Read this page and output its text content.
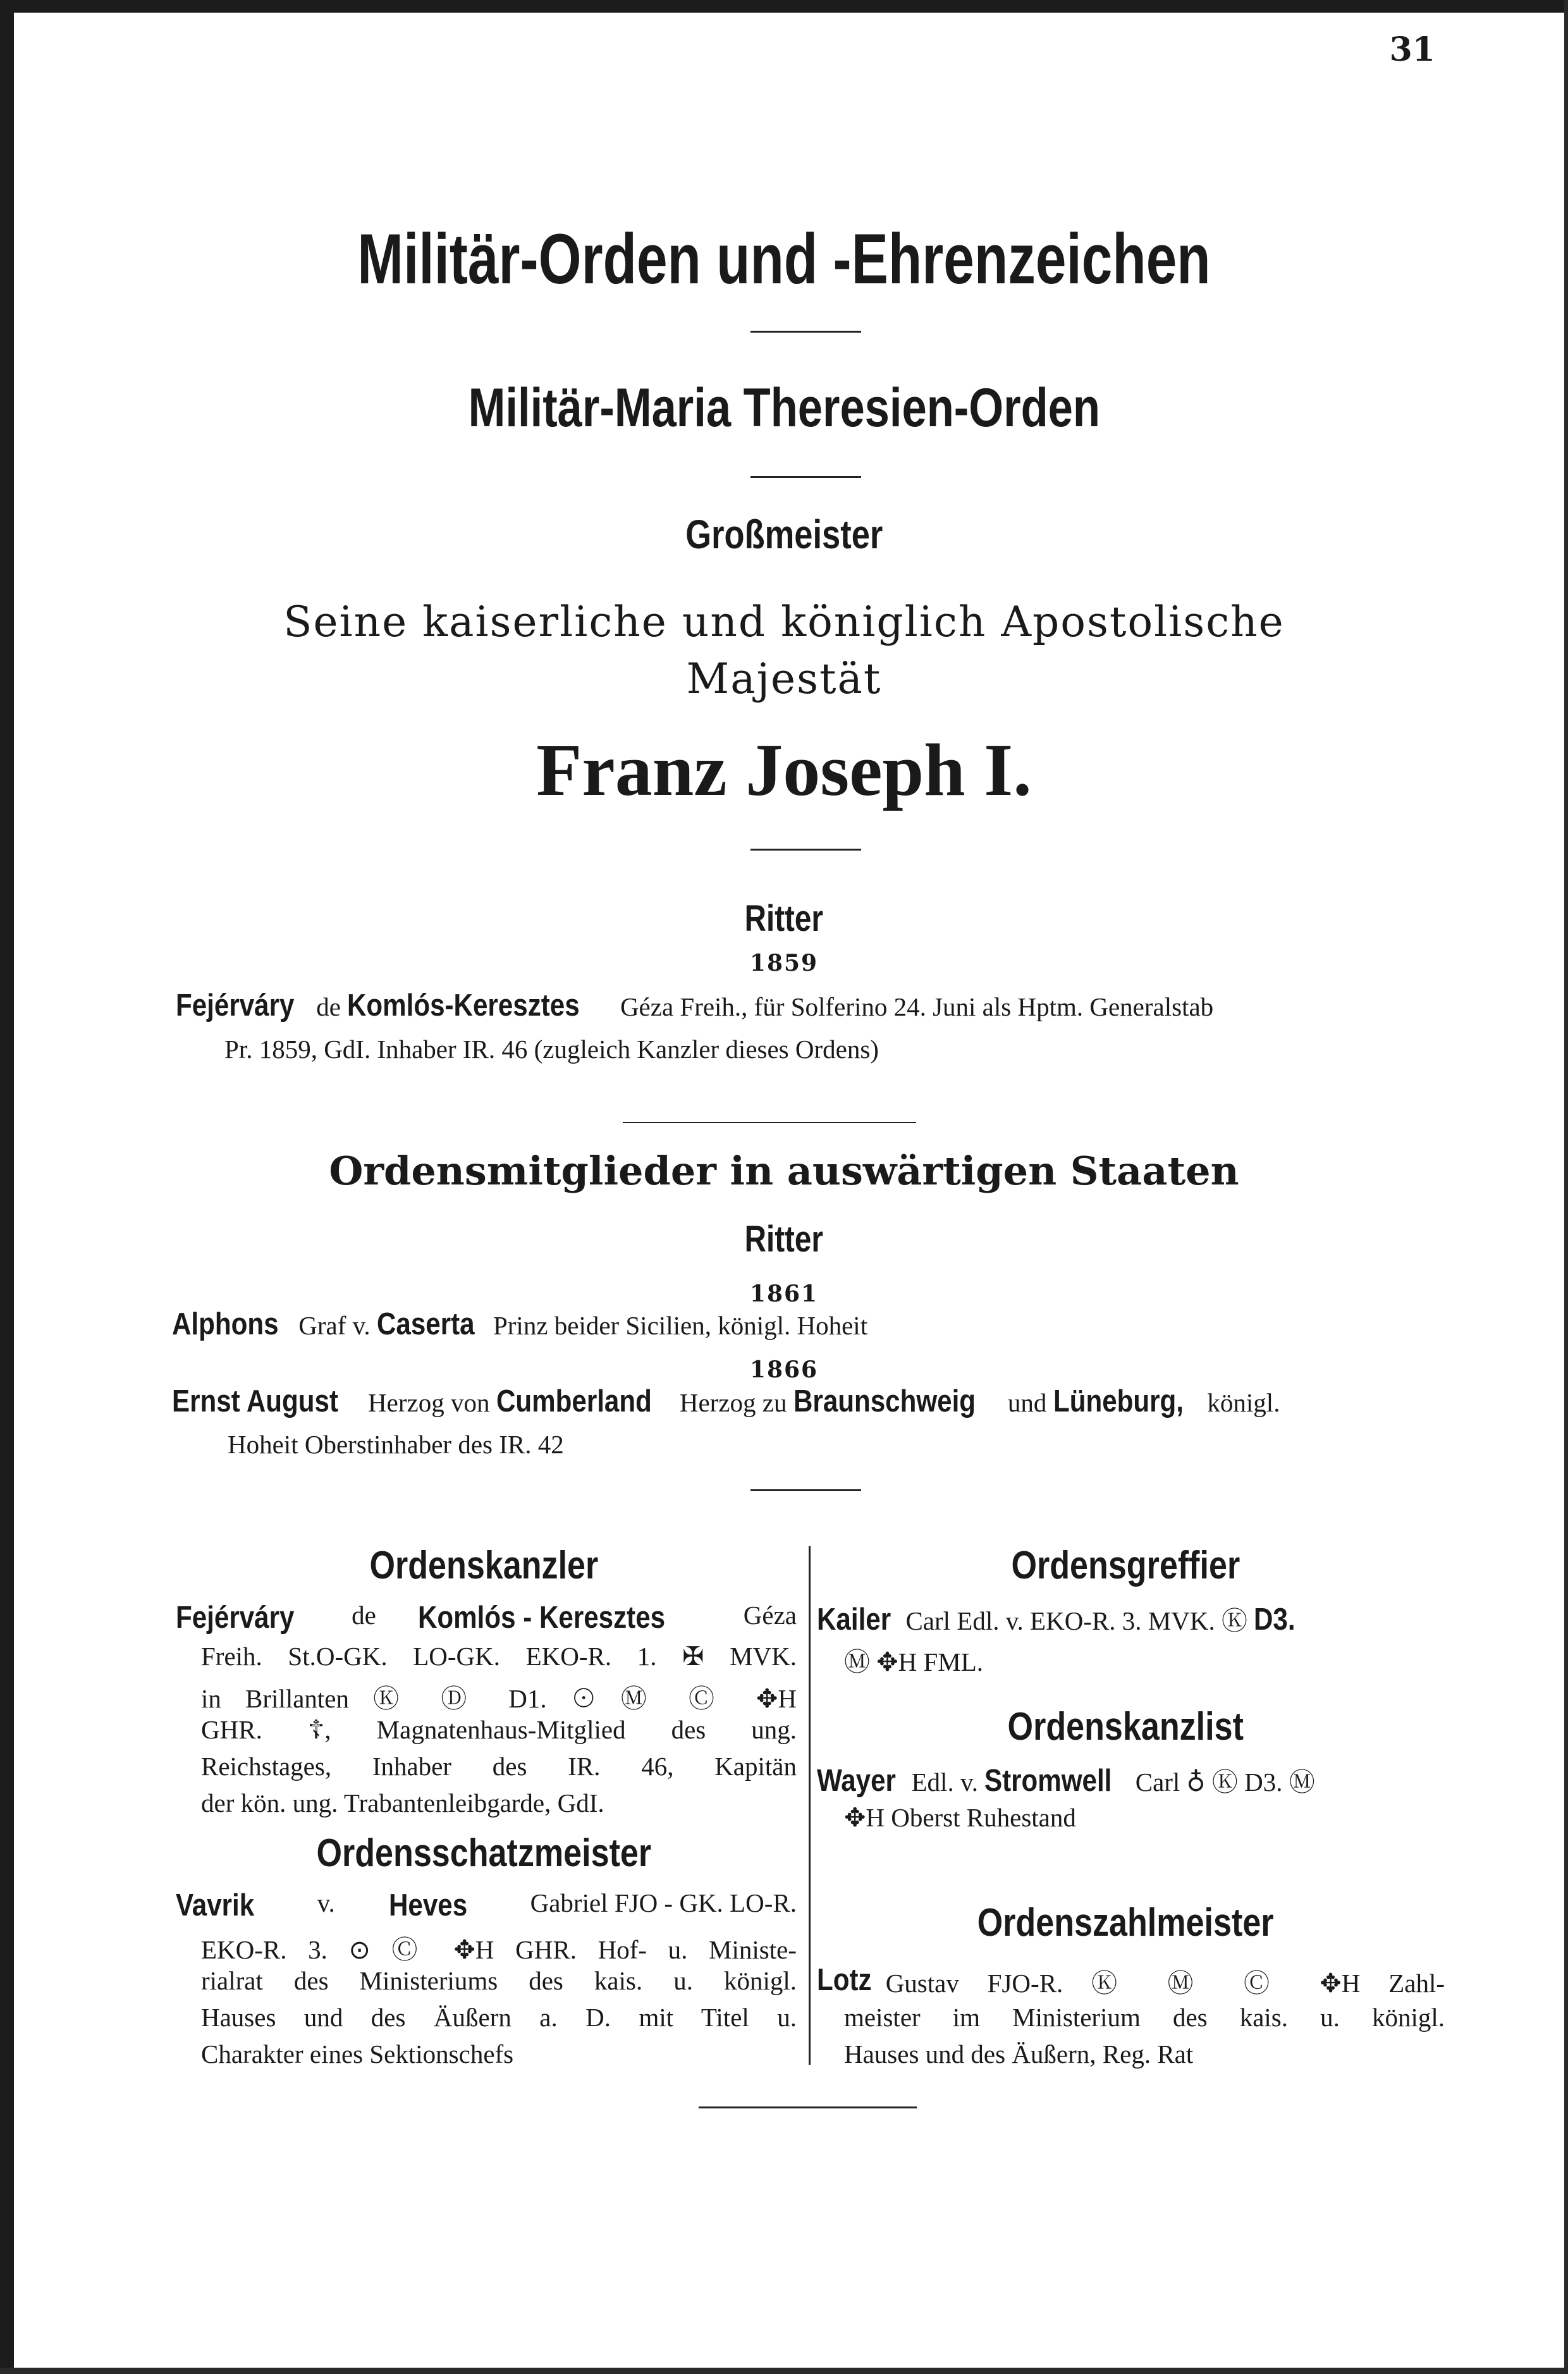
31
Militär-Orden und -Ehrenzeichen
Militär-Maria Theresien-Orden
Großmeister
Seine kaiserliche und königlich Apostolische
Majestät
Franz Joseph I.
Ritter
1859
Fejérváry de Komlós-Keresztes Géza Freih., für Solferino 24. Juni als Hptm. Generalstab
Pr. 1859, GdI. Inhaber IR. 46 (zugleich Kanzler dieses Ordens)
Ordensmitglieder in auswärtigen Staaten
Ritter
1861
Alphons Graf v. Caserta Prinz beider Sicilien, königl. Hoheit
1866
Ernst August Herzog von Cumberland Herzog zu Braunschweig und Lüneburg, königl.
Hoheit Oberstinhaber des IR. 42
Ordenskanzler
Fejérváry de Komlós - Keresztes	Géza
Freih. St.O-GK. LO-GK. EKO-R. 1. ✠ MVK.
in Brillanten Ⓚ Ⓓ D1. ⊙ Ⓜ Ⓒ ✥H
GHR. ☦, Magnatenhaus-Mitglied des ung.
Reichstages, Inhaber des IR. 46, Kapitän
der kön. ung. Trabantenleibgarde, GdI.
Ordensschatzmeister
Vavrik v. Heves Gabriel FJO - GK. LO-R.
EKO-R. 3. ⊙ Ⓒ ✥H GHR. Hof- u. Ministe-
rialrat des Ministeriums des kais. u. königl.
Hauses und des Äußern a. D. mit Titel u.
Charakter eines Sektionschefs
Ordensgreffier
Kailer Carl Edl. v. EKO-R. 3. MVK. Ⓚ D3.
Ⓜ ✥H FML.
Ordenskanzlist
Wayer Edl. v. Stromwell Carl ♁ Ⓚ D3. Ⓜ
✥H Oberst Ruhestand
Ordenszahlmeister
Lotz Gustav FJO-R. Ⓚ Ⓜ Ⓒ ✥H Zahl-
meister im Ministerium des kais. u. königl.
Hauses und des Äußern, Reg. Rat
